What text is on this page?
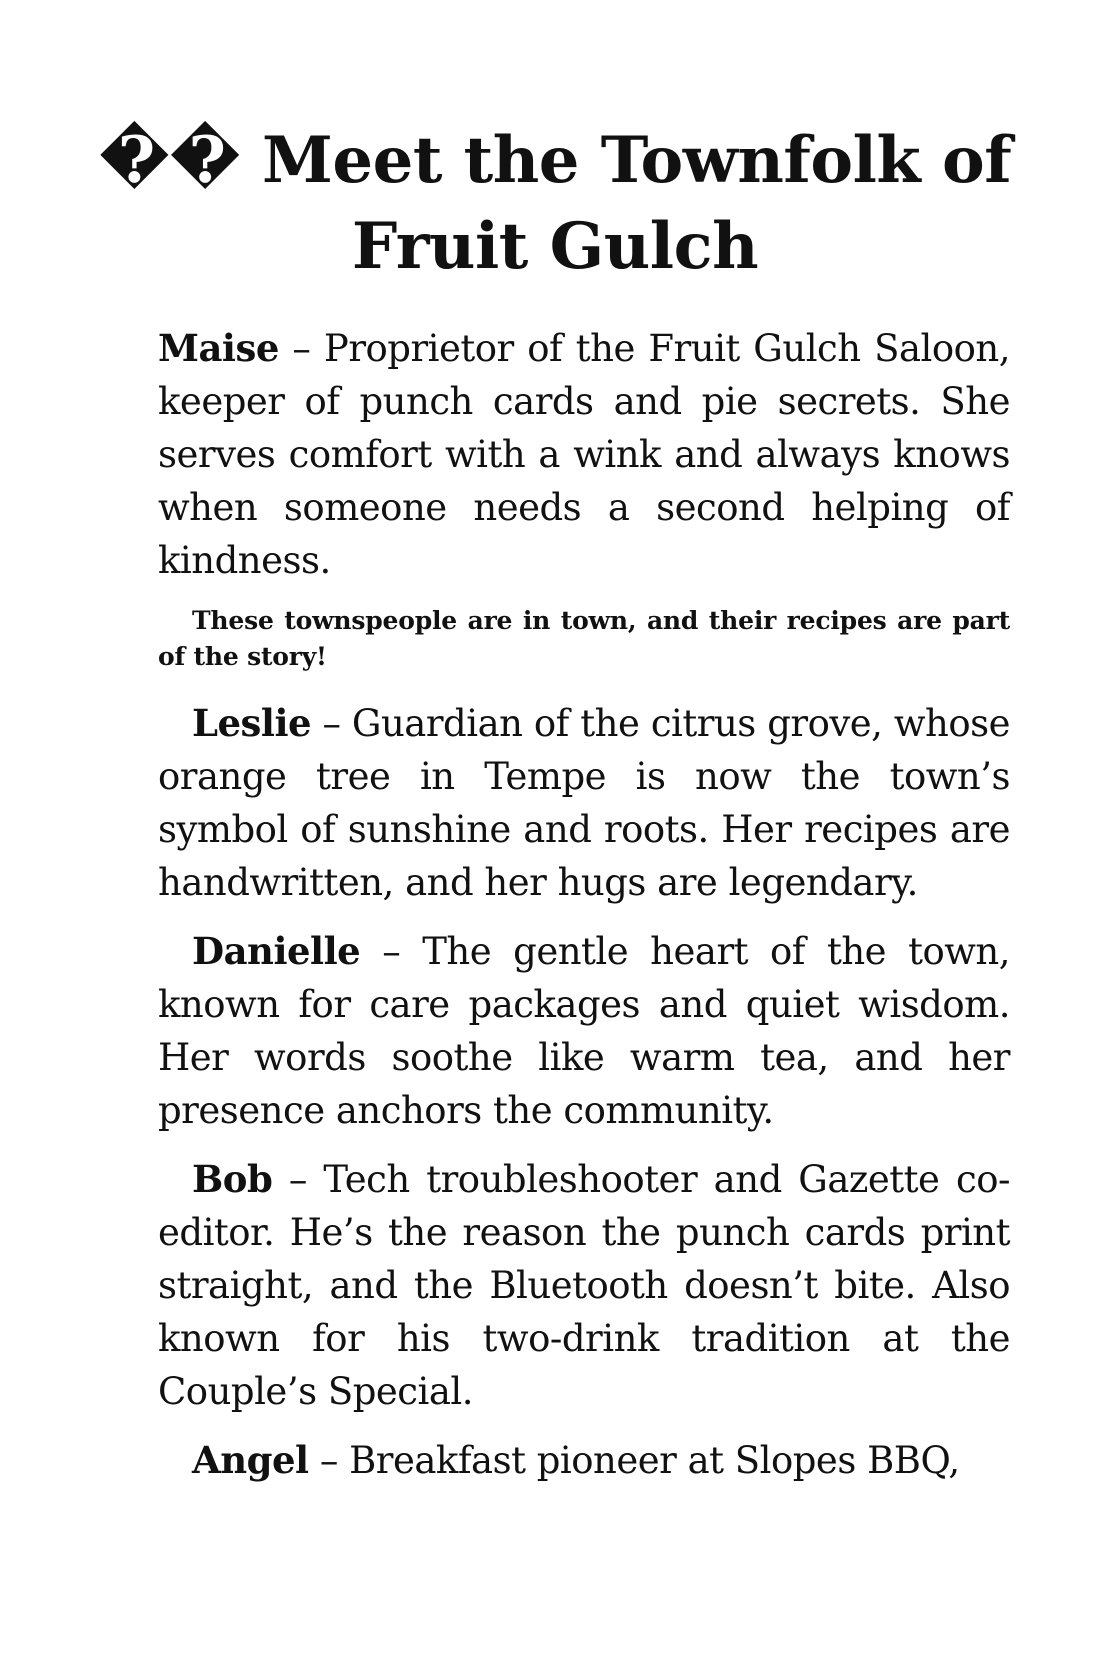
�� Meet the Townfolk of Fruit Gulch

Maise – Proprietor of the Fruit Gulch Saloon, keeper of punch cards and pie secrets. She serves comfort with a wink and always knows when someone needs a second helping of kindness.

These townspeople are in town, and their recipes are part of the story!

Leslie – Guardian of the citrus grove, whose orange tree in Tempe is now the town’s symbol of sunshine and roots. Her recipes are handwritten, and her hugs are legendary.

Danielle – The gentle heart of the town, known for care packages and quiet wisdom. Her words soothe like warm tea, and her presence anchors the community.

Bob – Tech troubleshooter and Gazette co-editor. He’s the reason the punch cards print straight, and the Bluetooth doesn’t bite. Also known for his two-drink tradition at the Couple’s Special.

Angel – Breakfast pioneer at Slopes BBQ,
